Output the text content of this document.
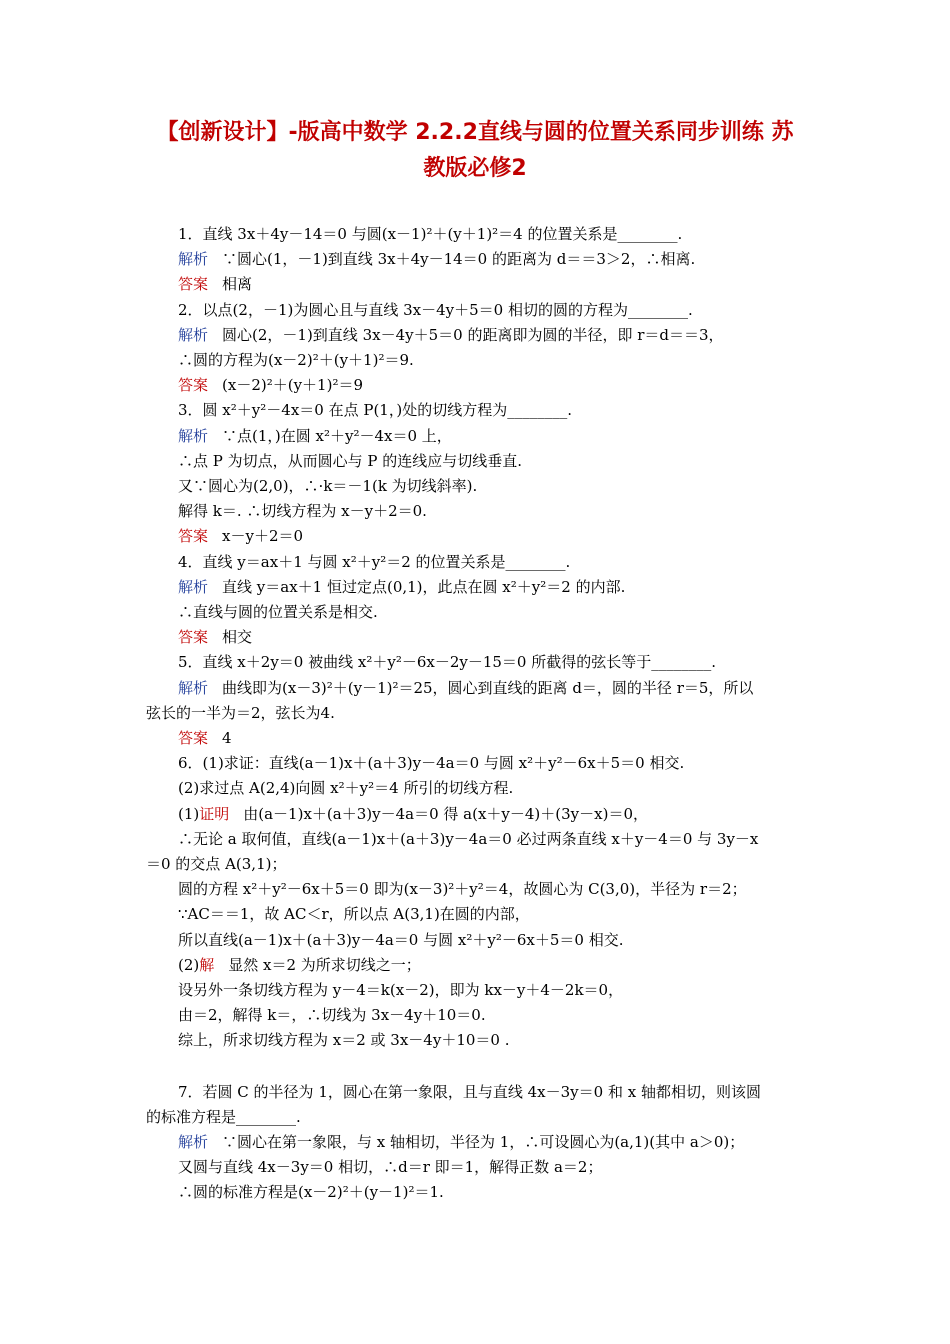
【创新设计】-版高中数学 2.2.2直线与圆的位置关系同步训练 苏
教版必修2
1．直线 3x＋4y－14＝0 与圆(x－1)²＋(y＋1)²＝4 的位置关系是________.
解析 ∵圆心(1，－1)到直线 3x＋4y－14＝0 的距离为 d＝＝3＞2，∴相离.
答案 相离
2．以点(2，－1)为圆心且与直线 3x－4y＋5＝0 相切的圆的方程为________.
解析 圆心(2，－1)到直线 3x－4y＋5＝0 的距离即为圆的半径，即 r＝d＝＝3，
∴圆的方程为(x－2)²＋(y＋1)²＝9.
答案 (x－2)²＋(y＋1)²＝9
3．圆 x²＋y²－4x＝0 在点 P(1，)处的切线方程为________.
解析 ∵点(1，)在圆 x²＋y²－4x＝0 上，
∴点 P 为切点，从而圆心与 P 的连线应与切线垂直.
又∵圆心为(2,0)，∴·k＝－1(k 为切线斜率).
解得 k＝. ∴切线方程为 x－y＋2＝0.
答案 x－y＋2＝0
4．直线 y＝ax＋1 与圆 x²＋y²＝2 的位置关系是________.
解析 直线 y＝ax＋1 恒过定点(0,1)，此点在圆 x²＋y²＝2 的内部.
∴直线与圆的位置关系是相交.
答案 相交
5．直线 x＋2y＝0 被曲线 x²＋y²－6x－2y－15＝0 所截得的弦长等于________.
解析 曲线即为(x－3)²＋(y－1)²＝25，圆心到直线的距离 d＝，圆的半径 r＝5，所以
弦长的一半为＝2，弦长为4.
答案 4
6．(1)求证：直线(a－1)x＋(a＋3)y－4a＝0 与圆 x²＋y²－6x＋5＝0 相交.
(2)求过点 A(2,4)向圆 x²＋y²＝4 所引的切线方程.
(1)证明 由(a－1)x＋(a＋3)y－4a＝0 得 a(x＋y－4)＋(3y－x)＝0，
∴无论 a 取何值，直线(a－1)x＋(a＋3)y－4a＝0 必过两条直线 x＋y－4＝0 与 3y－x
＝0 的交点 A(3,1)；
圆的方程 x²＋y²－6x＋5＝0 即为(x－3)²＋y²＝4，故圆心为 C(3,0)，半径为 r＝2；
∵AC＝＝1，故 AC＜r，所以点 A(3,1)在圆的内部，
所以直线(a－1)x＋(a＋3)y－4a＝0 与圆 x²＋y²－6x＋5＝0 相交.
(2)解 显然 x＝2 为所求切线之一；
设另外一条切线方程为 y－4＝k(x－2)，即为 kx－y＋4－2k＝0，
由＝2，解得 k＝，∴切线为 3x－4y＋10＝0.
综上，所求切线方程为 x＝2 或 3x－4y＋10＝0 .
7．若圆 C 的半径为 1，圆心在第一象限，且与直线 4x－3y＝0 和 x 轴都相切，则该圆
的标准方程是________.
解析 ∵圆心在第一象限，与 x 轴相切，半径为 1，∴可设圆心为(a,1)(其中 a＞0)；
又圆与直线 4x－3y＝0 相切，∴d＝r 即＝1，解得正数 a＝2；
∴圆的标准方程是(x－2)²＋(y－1)²＝1.
